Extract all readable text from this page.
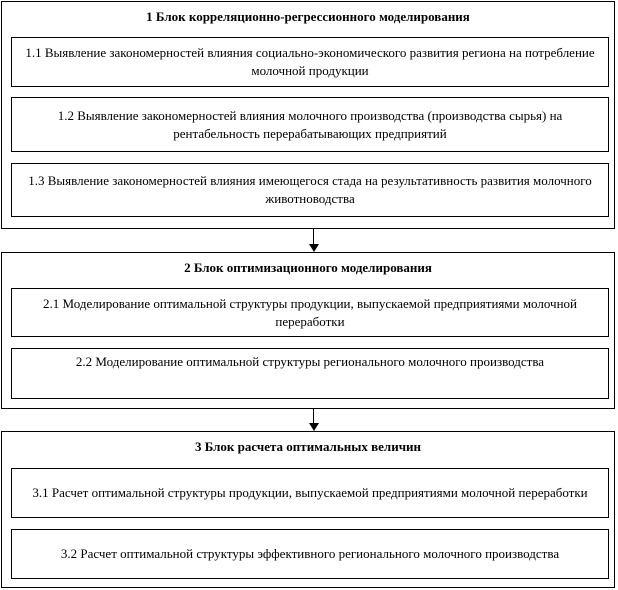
1 Блок корреляционно-регрессионного моделирования
1.1 Выявление закономерностей влияния социально-экономического развития региона на потребление молочной продукции
1.2 Выявление закономерностей влияния молочного производства (производства сырья) на рентабельность перерабатывающих предприятий
1.3 Выявление закономерностей влияния имеющегося стада на результативность развития молочного животноводства
2 Блок оптимизационного моделирования
2.1 Моделирование оптимальной структуры продукции, выпускаемой предприятиями молочной переработки
2.2 Моделирование оптимальной структуры регионального молочного производства
3 Блок расчета оптимальных величин
3.1 Расчет оптимальной структуры продукции, выпускаемой предприятиями молочной переработки
3.2 Расчет оптимальной структуры эффективного регионального молочного производства
